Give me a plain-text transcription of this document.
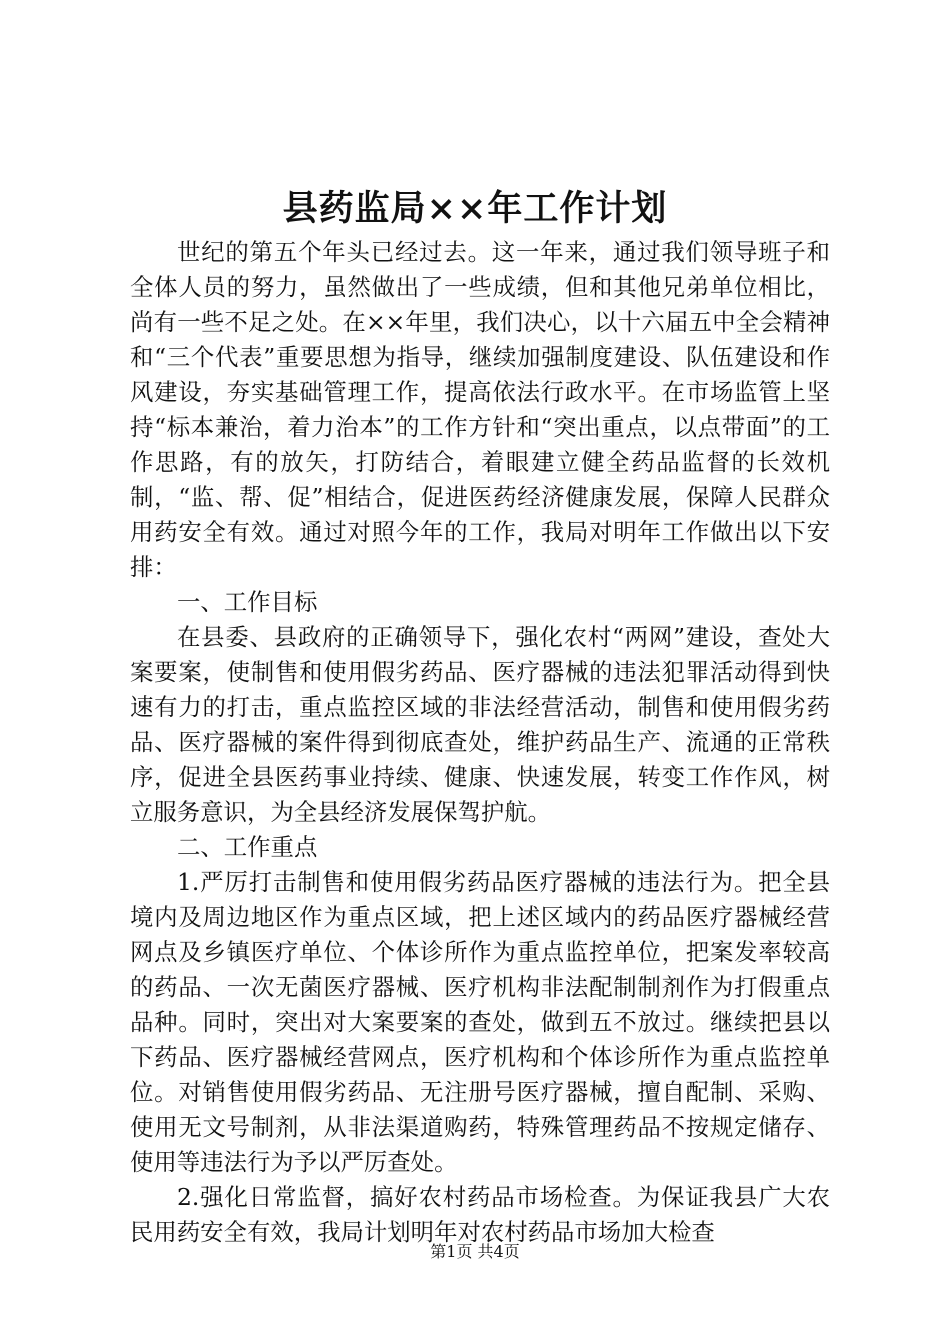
县药监局××年工作计划

世纪的第五个年头已经过去。这一年来，通过我们领导班子和全体人员的努力，虽然做出了一些成绩，但和其他兄弟单位相比，尚有一些不足之处。在××年里，我们决心，以十六届五中全会精神和“三个代表”重要思想为指导，继续加强制度建设、队伍建设和作风建设，夯实基础管理工作，提高依法行政水平。在市场监管上坚持“标本兼治，着力治本”的工作方针和“突出重点，以点带面”的工作思路，有的放矢，打防结合，着眼建立健全药品监督的长效机制，“监、帮、促”相结合，促进医药经济健康发展，保障人民群众用药安全有效。通过对照今年的工作，我局对明年工作做出以下安排：

一、工作目标

在县委、县政府的正确领导下，强化农村“两网”建设，查处大案要案，使制售和使用假劣药品、医疗器械的违法犯罪活动得到快速有力的打击，重点监控区域的非法经营活动，制售和使用假劣药品、医疗器械的案件得到彻底查处，维护药品生产、流通的正常秩序，促进全县医药事业持续、健康、快速发展，转变工作作风，树立服务意识，为全县经济发展保驾护航。

二、工作重点

1.严厉打击制售和使用假劣药品医疗器械的违法行为。把全县境内及周边地区作为重点区域，把上述区域内的药品医疗器械经营网点及乡镇医疗单位、个体诊所作为重点监控单位，把案发率较高的药品、一次无菌医疗器械、医疗机构非法配制制剂作为打假重点品种。同时，突出对大案要案的查处，做到五不放过。继续把县以下药品、医疗器械经营网点，医疗机构和个体诊所作为重点监控单位。对销售使用假劣药品、无注册号医疗器械，擅自配制、采购、使用无文号制剂，从非法渠道购药，特殊管理药品不按规定储存、使用等违法行为予以严厉查处。

2.强化日常监督，搞好农村药品市场检查。为保证我县广大农民用药安全有效，我局计划明年对农村药品市场加大检查

第1页 共4页
